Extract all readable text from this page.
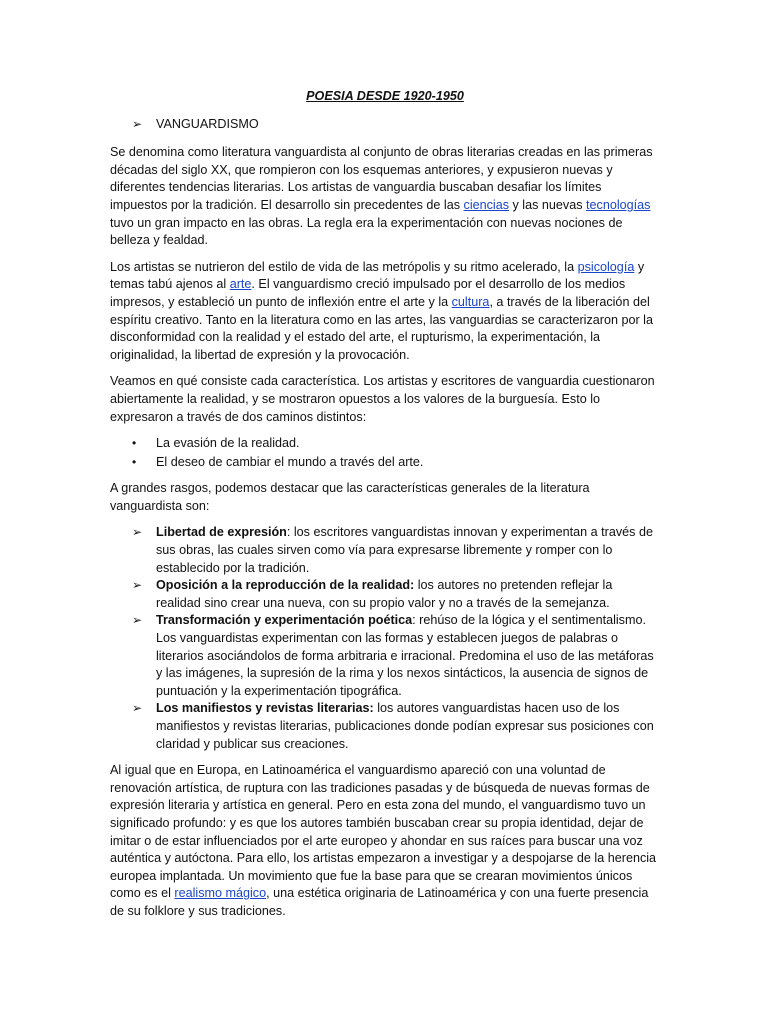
POESIA DESDE 1920-1950
➢	VANGUARDISMO

Se denomina como literatura vanguardista al conjunto de obras literarias creadas en las primeras décadas del siglo XX, que rompieron con los esquemas anteriores, y expusieron nuevas y diferentes tendencias literarias. Los artistas de vanguardia buscaban desafiar los límites impuestos por la tradición. El desarrollo sin precedentes de las ciencias y las nuevas tecnologías tuvo un gran impacto en las obras. La regla era la experimentación con nuevas nociones de belleza y fealdad.

Los artistas se nutrieron del estilo de vida de las metrópolis y su ritmo acelerado, la psicología y temas tabú ajenos al arte. El vanguardismo creció impulsado por el desarrollo de los medios impresos, y estableció un punto de inflexión entre el arte y la cultura, a través de la liberación del espíritu creativo. Tanto en la literatura como en las artes, las vanguardias se caracterizaron por la disconformidad con la realidad y el estado del arte, el rupturismo, la experimentación, la originalidad, la libertad de expresión y la provocación.

Veamos en qué consiste cada característica. Los artistas y escritores de vanguardia cuestionaron abiertamente la realidad, y se mostraron opuestos a los valores de la burguesía. Esto lo expresaron a través de dos caminos distintos:

•	La evasión de la realidad.
•	El deseo de cambiar el mundo a través del arte.

A grandes rasgos, podemos destacar que las características generales de la literatura vanguardista son:

➢	Libertad de expresión: los escritores vanguardistas innovan y experimentan a través de sus obras, las cuales sirven como vía para expresarse libremente y romper con lo establecido por la tradición.
➢	Oposición a la reproducción de la realidad: los autores no pretenden reflejar la realidad sino crear una nueva, con su propio valor y no a través de la semejanza.
➢	Transformación y experimentación poética: rehúso de la lógica y el sentimentalismo. Los vanguardistas experimentan con las formas y establecen juegos de palabras o literarios asociándolos de forma arbitraria e irracional. Predomina el uso de las metáforas y las imágenes, la supresión de la rima y los nexos sintácticos, la ausencia de signos de puntuación y la experimentación tipográfica.
➢	Los manifiestos y revistas literarias: los autores vanguardistas hacen uso de los manifiestos y revistas literarias, publicaciones donde podían expresar sus posiciones con claridad y publicar sus creaciones.

Al igual que en Europa, en Latinoamérica el vanguardismo apareció con una voluntad de renovación artística, de ruptura con las tradiciones pasadas y de búsqueda de nuevas formas de expresión literaria y artística en general. Pero en esta zona del mundo, el vanguardismo tuvo un significado profundo: y es que los autores también buscaban crear su propia identidad, dejar de imitar o de estar influenciados por el arte europeo y ahondar en sus raíces para buscar una voz auténtica y autóctona. Para ello, los artistas empezaron a investigar y a despojarse de la herencia europea implantada. Un movimiento que fue la base para que se crearan movimientos únicos como es el realismo mágico, una estética originaria de Latinoamérica y con una fuerte presencia de su folklore y sus tradiciones.
